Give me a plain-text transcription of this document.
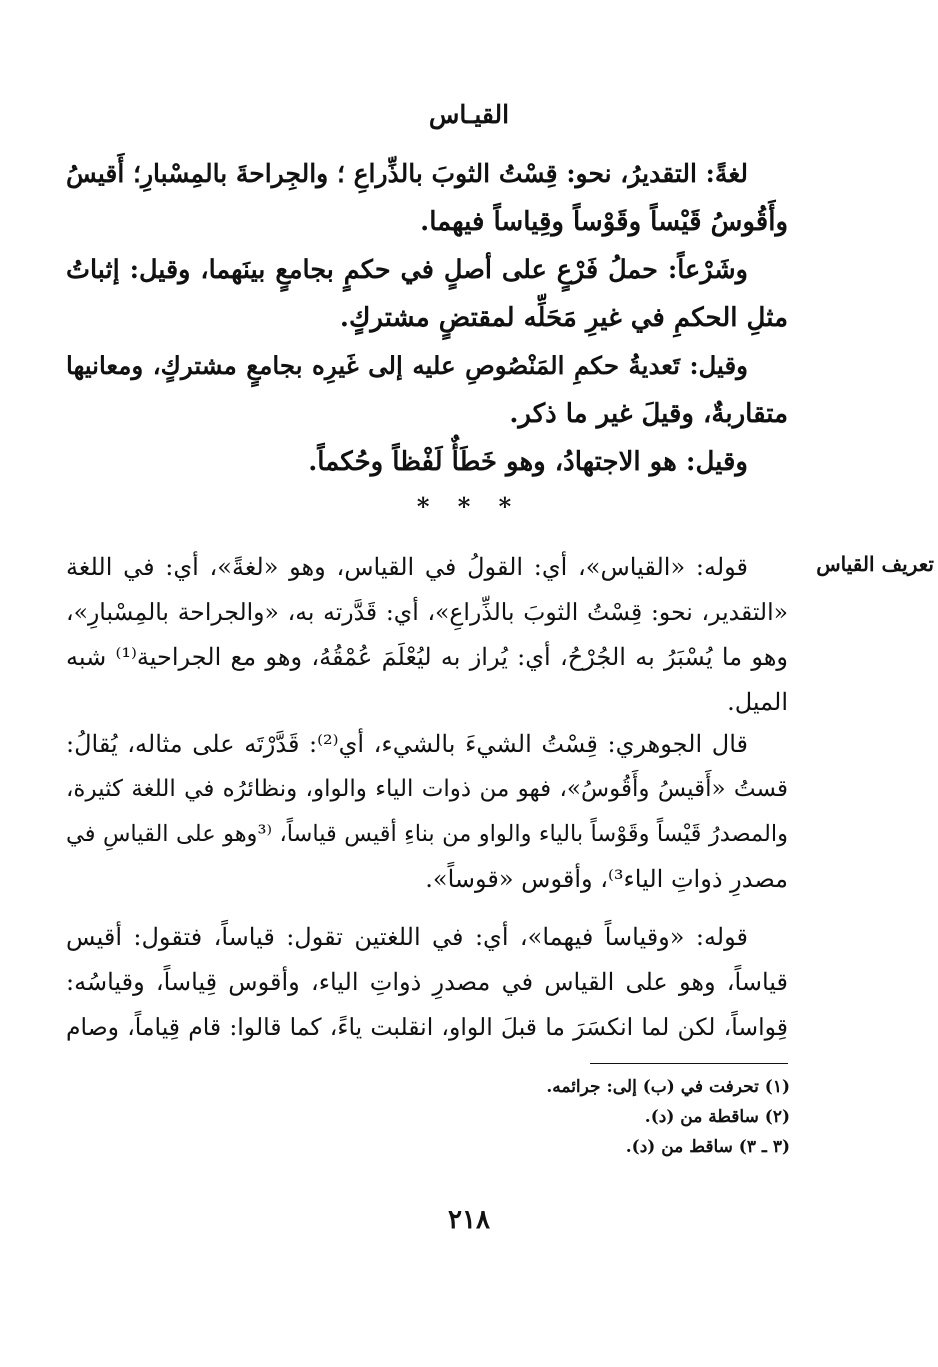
القيـاس
لغةً: التقديرُ، نحو: قِسْتُ الثوبَ بالذِّراعِ ؛ والجِراحةَ بالمِسْبارِ؛ أَقيسُ
وأَقُوسُ قَيْساً وقَوْساً وقِياساً فيهما.
وشَرْعاً: حملُ فَرْعٍ على أصلٍ في حكمٍ بجامعٍ بينَهما، وقيل: إثباتُ
مثلِ الحكمِ في غيرِ مَحَلِّه لمقتضٍ مشتركٍ.
وقيل: تَعديةُ حكمِ المَنْصُوصِ عليه إلى غَيرِه بجامعٍ مشتركٍ، ومعانيها
متقاربةٌ، وقيلَ غير ما ذكر.
وقيل: هو الاجتهادُ، وهو خَطَأٌ لَفْظاً وحُكماً.
* * *
تعريف القياس
قوله: «القياس»، أي: القولُ في القياس، وهو «لغةً»، أي: في اللغة
«التقدير، نحو: قِسْتُ الثوبَ بالذِّراعِ»، أي: قَدَّرته به، «والجراحة بالمِسْبارِ»،
وهو ما يُسْبَرُ به الجُرْحُ، أي: يُراز به ليُعْلَمَ عُمْقُهُ، وهو مع الجراحية⁽¹⁾ شبه
الميل.
قال الجوهري: قِسْتُ الشيءَ بالشيء، أي⁽²⁾: قَدَّرْتَه على مثاله، يُقالُ:
قستُ «أَقيسُ وأَقُوسُ»، فهو من ذوات الياء والواو، ونظائرُه في اللغة كثيرة،
والمصدرُ قَيْساً وقَوْساً بالياء والواو من بناءِ أقيس قياساً، ⁽³وهو على القياسِ في
مصدرِ ذواتِ الياء³⁾، وأقوس «قوساً».
قوله: «وقياساً فيهما»، أي: في اللغتين تقول: قياساً، فتقول: أقيس
قياساً، وهو على القياس في مصدرِ ذواتِ الياء، وأقوس قِياساً، وقياسُه:
قِواساً، لكن لما انكسَرَ ما قبلَ الواو، انقلبت ياءً، كما قالوا: قام قِياماً، وصام
(١) تحرفت في (ب) إلى: جرائمه.
(٢) ساقطة من (د).
(٣ ـ ٣) ساقط من (د).
٢١٨
